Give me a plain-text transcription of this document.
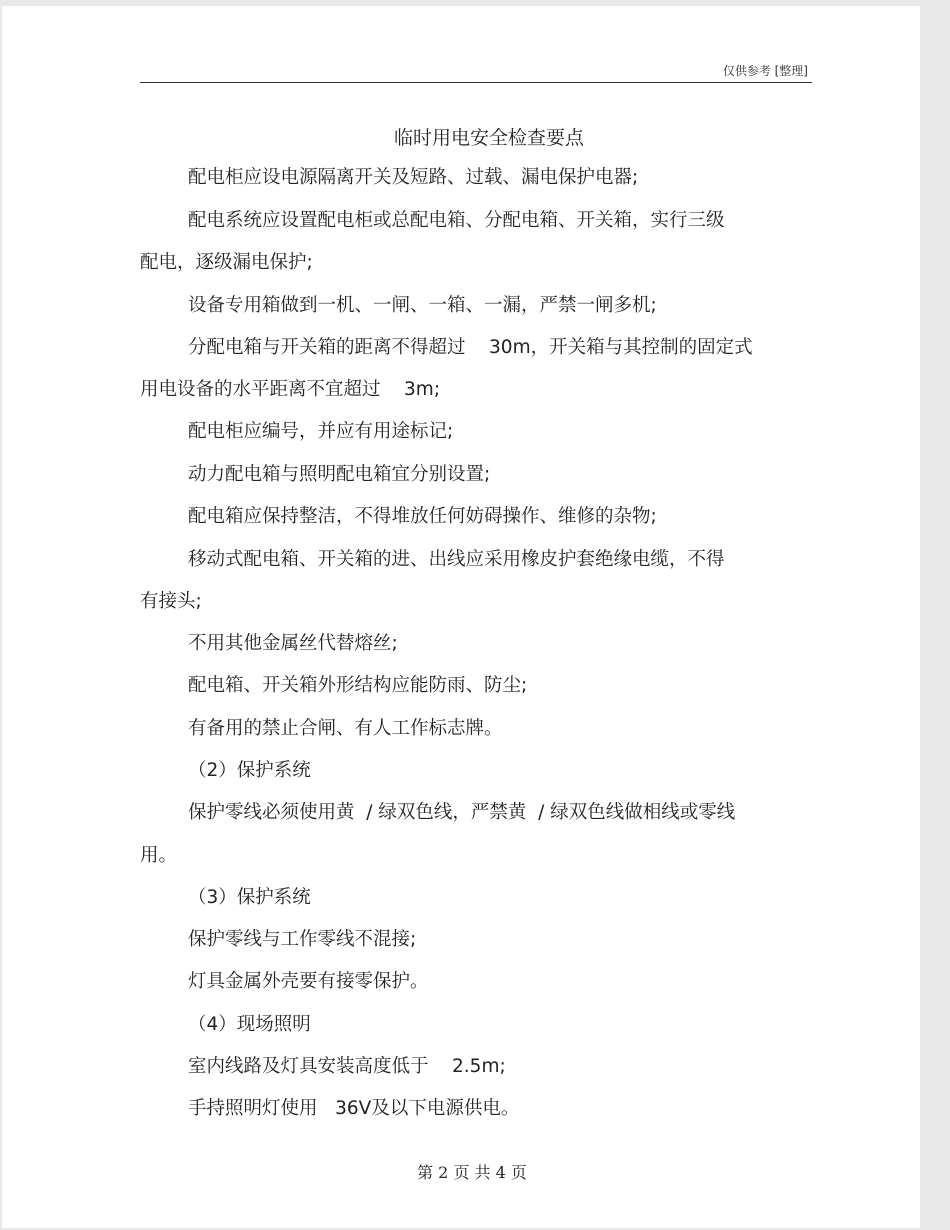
仅供参考 [整理]
临时用电安全检查要点
配电柜应设电源隔离开关及短路、过载、漏电保护电器;
配电系统应设置配电柜或总配电箱、分配电箱、开关箱，实行三级
配电，逐级漏电保护;
设备专用箱做到一机、一闸、一箱、一漏，严禁一闸多机;
分配电箱与开关箱的距离不得超过    30m，开关箱与其控制的固定式
用电设备的水平距离不宜超过    3m;
配电柜应编号，并应有用途标记;
动力配电箱与照明配电箱宜分别设置;
配电箱应保持整洁，不得堆放任何妨碍操作、维修的杂物;
移动式配电箱、开关箱的进、出线应采用橡皮护套绝缘电缆，不得
有接头;
不用其他金属丝代替熔丝;
配电箱、开关箱外形结构应能防雨、防尘;
有备用的禁止合闸、有人工作标志牌。
（2）保护系统
保护零线必须使用黄  / 绿双色线，严禁黄  / 绿双色线做相线或零线
用。
（3）保护系统
保护零线与工作零线不混接;
灯具金属外壳要有接零保护。
（4）现场照明
室内线路及灯具安装高度低于    2.5m;
手持照明灯使用   36V及以下电源供电。
第 2 页 共 4 页
